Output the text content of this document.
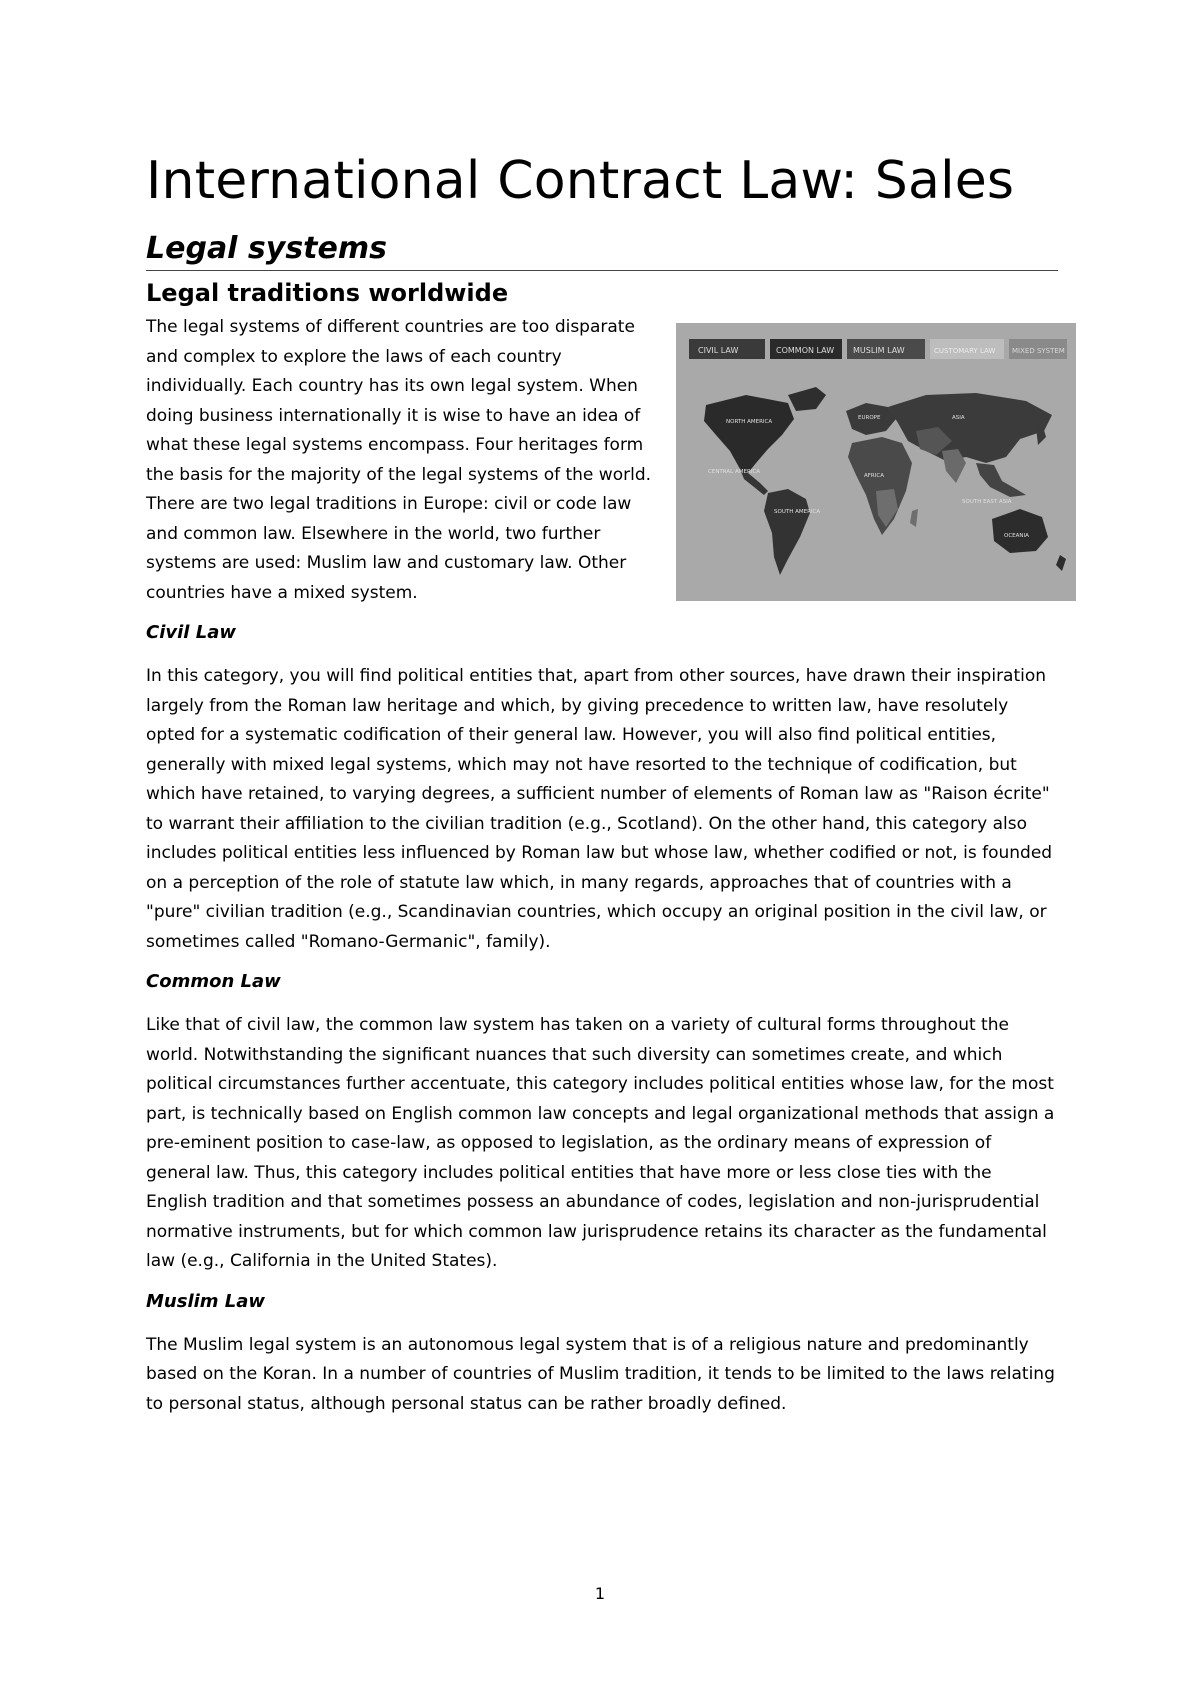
International Contract Law: Sales
Legal systems
Legal traditions worldwide
CIVIL LAW	COMMON LAW MUSLIM LAW	CUSTOMARY LAW MIXED SYSTEM
NORTH AMERICA
CENTRAL AMERICA
SOUTH AMERICA
EUROPE
AFRICA
ASIA
SOUTH EAST ASIA
OCEANIA

The legal systems of different countries are too disparate and complex to explore the laws of each country individually. Each country has its own legal system. When doing business internationally it is wise to have an idea of what these legal systems encompass. Four heritages form the basis for the majority of the legal systems of the world. There are two legal traditions in Europe: civil or code law and common law. Elsewhere in the world, two further systems are used: Muslim law and customary law. Other countries have a mixed system.

Civil Law

In this category, you will find political entities that, apart from other sources, have drawn their inspiration largely from the Roman law heritage and which, by giving precedence to written law, have resolutely opted for a systematic codification of their general law. However, you will also find political entities, generally with mixed legal systems, which may not have resorted to the technique of codification, but which have retained, to varying degrees, a sufficient number of elements of Roman law as "Raison écrite" to warrant their affiliation to the civilian tradition (e.g., Scotland). On the other hand, this category also includes political entities less influenced by Roman law but whose law, whether codified or not, is founded on a perception of the role of statute law which, in many regards, approaches that of countries with a "pure" civilian tradition (e.g., Scandinavian countries, which occupy an original position in the civil law, or sometimes called "Romano-Germanic", family).

Common Law

Like that of civil law, the common law system has taken on a variety of cultural forms throughout the world. Notwithstanding the significant nuances that such diversity can sometimes create, and which political circumstances further accentuate, this category includes political entities whose law, for the most part, is technically based on English common law concepts and legal organizational methods that assign a pre-eminent position to case-law, as opposed to legislation, as the ordinary means of expression of general law. Thus, this category includes political entities that have more or less close ties with the English tradition and that sometimes possess an abundance of codes, legislation and non-jurisprudential normative instruments, but for which common law jurisprudence retains its character as the fundamental law (e.g., California in the United States).

Muslim Law

The Muslim legal system is an autonomous legal system that is of a religious nature and predominantly based on the Koran. In a number of countries of Muslim tradition, it tends to be limited to the laws relating to personal status, although personal status can be rather broadly defined.

1
